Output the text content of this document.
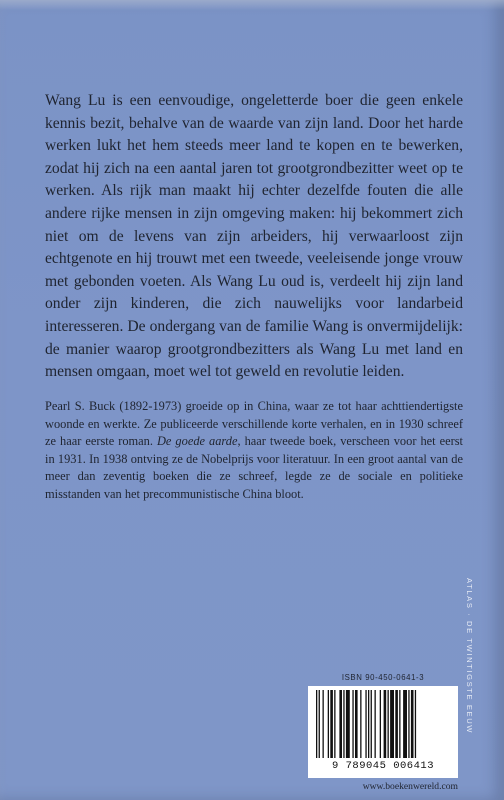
Wang Lu is een eenvoudige, ongeletterde boer die geen enkele kennis bezit, behalve van de waarde van zijn land. Door het harde werken lukt het hem steeds meer land te kopen en te bewerken, zodat hij zich na een aantal jaren tot grootgrondbezitter weet op te werken. Als rijk man maakt hij echter dezelfde fouten die alle andere rijke mensen in zijn omgeving maken: hij bekommert zich niet om de levens van zijn arbeiders, hij verwaarloost zijn echtgenote en hij trouwt met een tweede, veeleisende jonge vrouw met gebonden voeten. Als Wang Lu oud is, verdeelt hij zijn land onder zijn kinderen, die zich nauwelijks voor landarbeid interesseren. De ondergang van de familie Wang is onvermijdelijk: de manier waarop grootgrondbezitters als Wang Lu met land en mensen omgaan, moet wel tot geweld en revolutie leiden.

Pearl S. Buck (1892-1973) groeide op in China, waar ze tot haar achttiendertigste woonde en werkte. Ze publiceerde verschillende korte verhalen, en in 1930 schreef ze haar eerste roman. De goede aarde, haar tweede boek, verscheen voor het eerst in 1931. In 1938 ontving ze de Nobelprijs voor literatuur. In een groot aantal van de meer dan zeventig boeken die ze schreef, legde ze de sociale en politieke misstanden van het precommunistische China bloot.

ATLAS · DE TWINTIGSTE EEUW
ISBN 90-450-0641-3
9 789045 006413
www.boekenwereld.com
